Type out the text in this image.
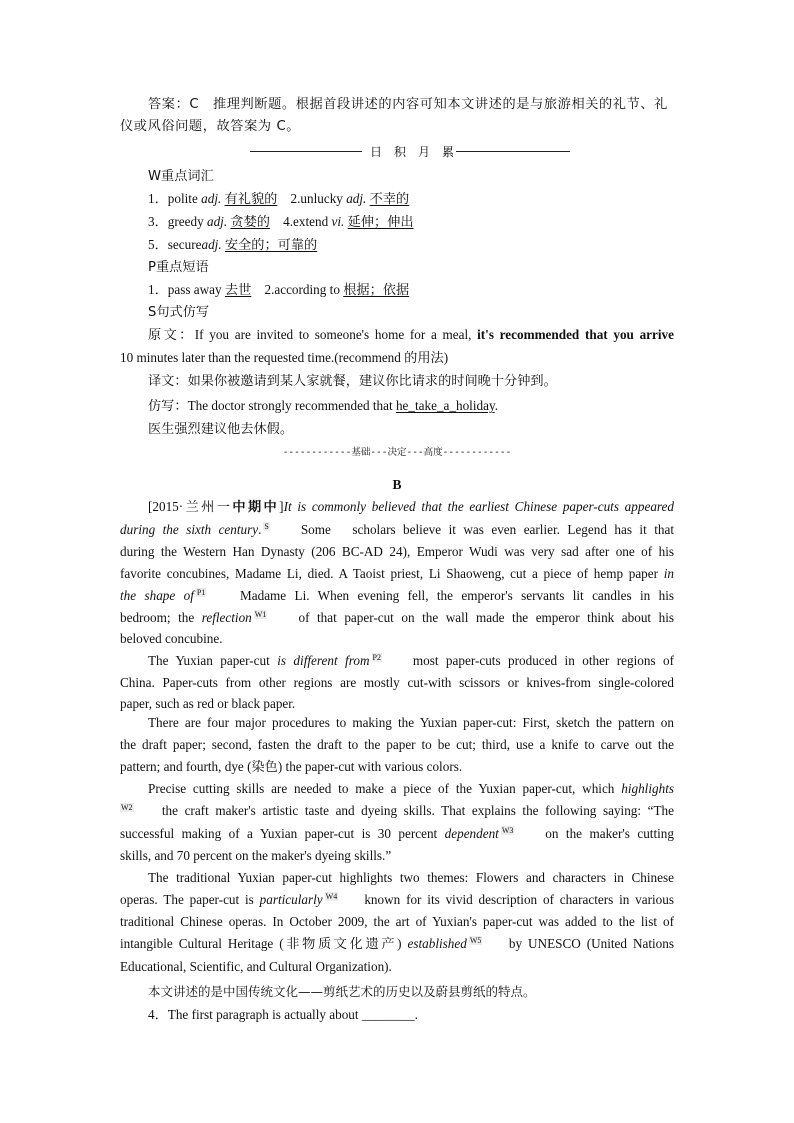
答案：C　推理判断题。根据首段讲述的内容可知本文讲述的是与旅游相关的礼节、礼
仪或风俗问题，故答案为 C。
日　积　月　累
W重点词汇
1．polite adj. 有礼貌的　2.unlucky adj. 不幸的
3．greedy adj. 贪婪的　4.extend vi. 延伸；伸出
5．secureadj. 安全的；可靠的
P重点短语
1．pass away 去世　2.according to 根据；依据
S句式仿写
原文：If you are invited to someone's home for a meal, it's recommended that you arrive
10 minutes later than the requested time.(recommend 的用法)
译文：如果你被邀请到某人家就餐，建议你比请求的时间晚十分钟到。
仿写：The doctor strongly recommended that he_take_a_holiday.
医生强烈建议他去休假。
------------基础---决定---高度------------
B
[2015·兰州一中期中]It is commonly believed that the earliest Chinese paper-cuts appeared
during the sixth century. $^S$　 Some　scholars believe it was even earlier. Legend has it that
during the Western Han Dynasty (206 BC-AD 24), Emperor Wudi was very sad after one of his
favorite concubines, Madame Li, died. A Taoist priest, Li Shaoweng, cut a piece of hemp paper in
the shape of $^{P1}$　 Madame Li. When evening fell, the emperor's servants lit candles in his
bedroom; the reflection $^{W1}$　 of that paper-cut on the wall made the emperor think about his
beloved concubine.
The Yuxian paper-cut is different from $^{P2}$　 most paper-cuts produced in other regions of
China. Paper-cuts from other regions are mostly cut-with scissors or knives-from single-colored
paper, such as red or black paper.
There are four major procedures to making the Yuxian paper-cut: First, sketch the pattern on
the draft paper; second, fasten the draft to the paper to be cut; third, use a knife to carve out the
pattern; and fourth, dye (染色) the paper-cut with various colors.
Precise cutting skills are needed to make a piece of the Yuxian paper-cut, which highlights
$^{W2}$　 the craft maker's artistic taste and dyeing skills. That explains the following saying: “The
successful making of a Yuxian paper-cut is 30 percent dependent $^{W3}$　 on the maker's cutting
skills, and 70 percent on the maker's dyeing skills.”
The traditional Yuxian paper-cut highlights two themes: Flowers and characters in Chinese
operas. The paper-cut is particularly $^{W4}$　 known for its vivid description of characters in various
traditional Chinese operas. In October 2009, the art of Yuxian's paper-cut was added to the list of
intangible Cultural Heritage (非物质文化遗产) established $^{W5}$　 by UNESCO (United Nations
Educational, Scientific, and Cultural Organization).
本文讲述的是中国传统文化——剪纸艺术的历史以及蔚县剪纸的特点。
4．The first paragraph is actually about ________.
